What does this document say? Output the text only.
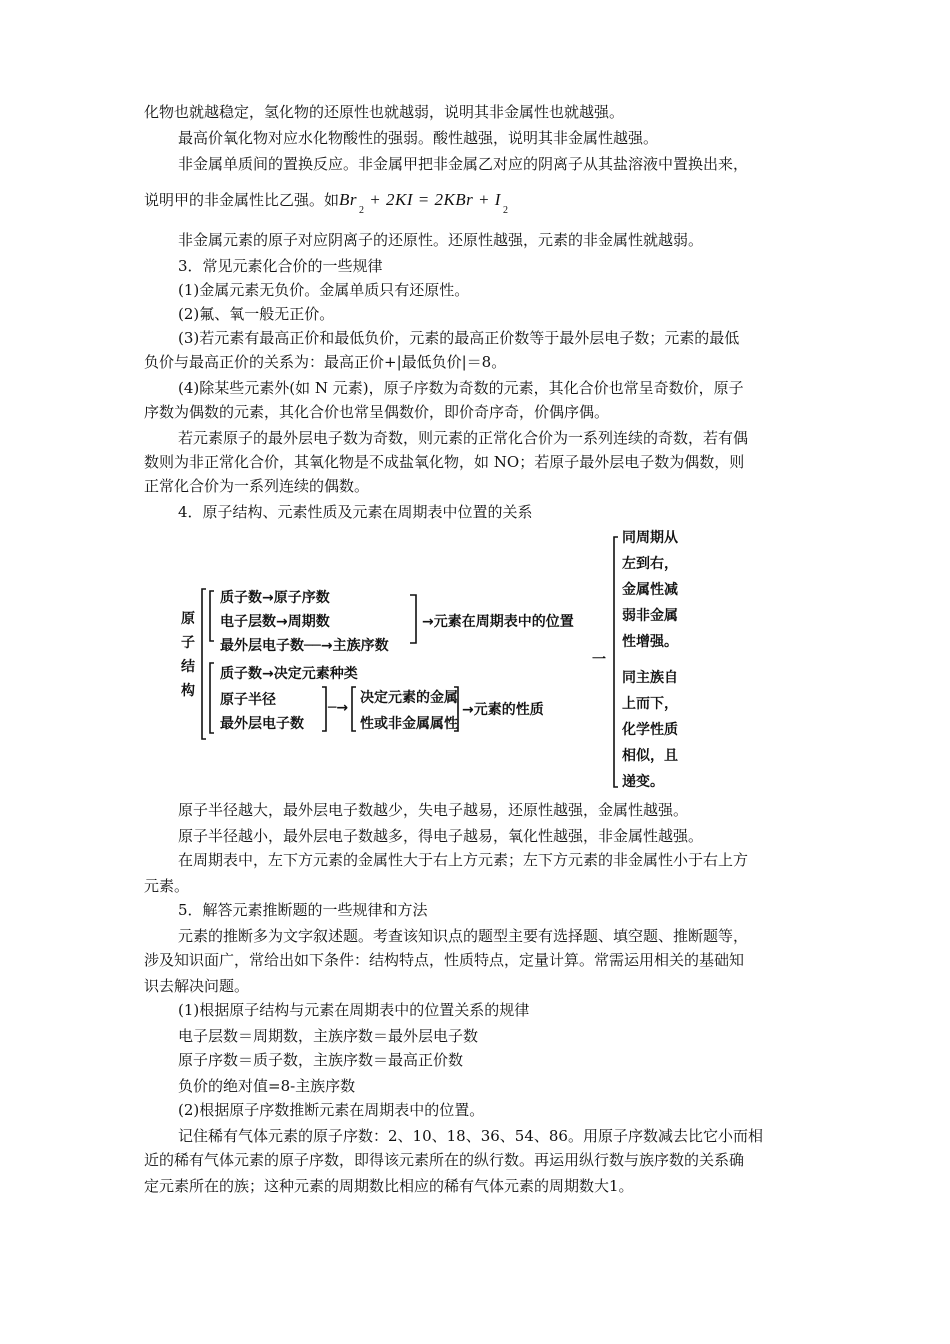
化物也就越稳定，氢化物的还原性也就越弱，说明其非金属性也就越强。
最高价氧化物对应水化物酸性的强弱。酸性越强，说明其非金属性越强。
非金属单质间的置换反应。非金属甲把非金属乙对应的阴离子从其盐溶液中置换出来，
说明甲的非金属性比乙强。如$Br_2 + 2KI = 2KBr + I_2$
非金属元素的原子对应阴离子的还原性。还原性越强，元素的非金属性就越弱。
3．常见元素化合价的一些规律
(1)金属元素无负价。金属单质只有还原性。
(2)氟、氧一般无正价。
(3)若元素有最高正价和最低负价，元素的最高正价数等于最外层电子数；元素的最低
负价与最高正价的关系为：最高正价+|最低负价|＝8。
(4)除某些元素外(如 N 元素)，原子序数为奇数的元素，其化合价也常呈奇数价，原子
序数为偶数的元素，其化合价也常呈偶数价，即价奇序奇，价偶序偶。
若元素原子的最外层电子数为奇数，则元素的正常化合价为一系列连续的奇数，若有偶
数则为非正常化合价，其氧化物是不成盐氧化物，如 NO；若原子最外层电子数为偶数，则
正常化合价为一系列连续的偶数。
4．原子结构、元素性质及元素在周期表中位置的关系
原子结构
质子数→原子序数
电子层数→周期数
最外层电子数──→主族序数
→元素在周期表中的位置
质子数→决定元素种类
原子半径
最外层电子数
─→
决定元素的金属
性或非金属属性
→元素的性质
一
同周期从
左到右，
金属性减
弱非金属
性增强。
同主族自
上而下，
化学性质
相似，且
递变。
原子半径越大，最外层电子数越少，失电子越易，还原性越强，金属性越强。
原子半径越小，最外层电子数越多，得电子越易，氧化性越强，非金属性越强。
在周期表中，左下方元素的金属性大于右上方元素；左下方元素的非金属性小于右上方
元素。
5．解答元素推断题的一些规律和方法
元素的推断多为文字叙述题。考查该知识点的题型主要有选择题、填空题、推断题等，
涉及知识面广，常给出如下条件：结构特点，性质特点，定量计算。常需运用相关的基础知
识去解决问题。
(1)根据原子结构与元素在周期表中的位置关系的规律
电子层数＝周期数，主族序数＝最外层电子数
原子序数＝质子数，主族序数＝最高正价数
负价的绝对值=8-主族序数
(2)根据原子序数推断元素在周期表中的位置。
记住稀有气体元素的原子序数：2、10、18、36、54、86。用原子序数减去比它小而相
近的稀有气体元素的原子序数，即得该元素所在的纵行数。再运用纵行数与族序数的关系确
定元素所在的族；这种元素的周期数比相应的稀有气体元素的周期数大1。
